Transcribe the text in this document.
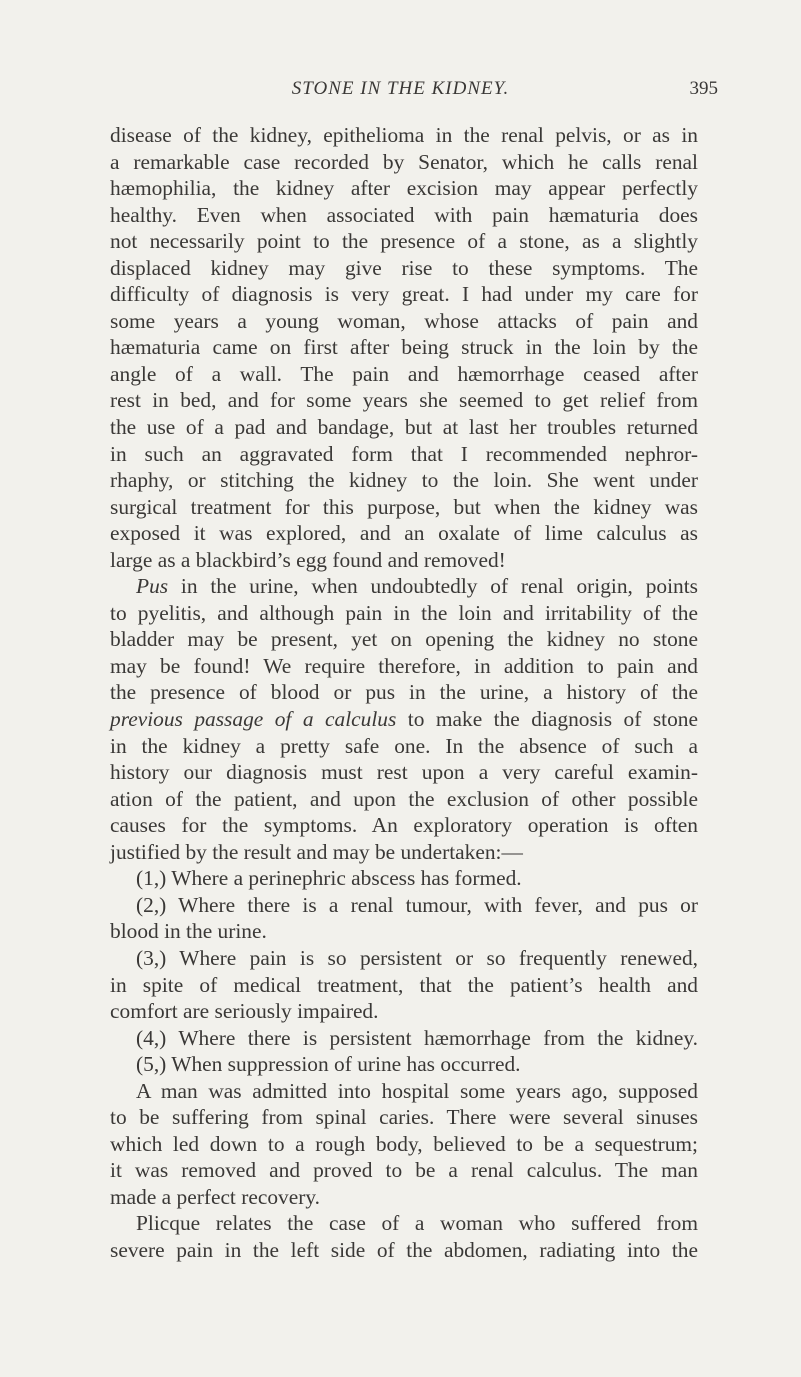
STONE IN THE KIDNEY.	395
disease of the kidney, epithelioma in the renal pelvis, or as in
a remarkable case recorded by Senator, which he calls renal
hæmophilia, the kidney after excision may appear perfectly
healthy. Even when associated with pain hæmaturia does
not necessarily point to the presence of a stone, as a slightly
displaced kidney may give rise to these symptoms. The
difficulty of diagnosis is very great. I had under my care for
some years a young woman, whose attacks of pain and
hæmaturia came on first after being struck in the loin by the
angle of a wall. The pain and hæmorrhage ceased after
rest in bed, and for some years she seemed to get relief from
the use of a pad and bandage, but at last her troubles returned
in such an aggravated form that I recommended nephror-
rhaphy, or stitching the kidney to the loin. She went under
surgical treatment for this purpose, but when the kidney was
exposed it was explored, and an oxalate of lime calculus as
large as a blackbird’s egg found and removed!
Pus in the urine, when undoubtedly of renal origin, points
to pyelitis, and although pain in the loin and irritability of the
bladder may be present, yet on opening the kidney no stone
may be found! We require therefore, in addition to pain and
the presence of blood or pus in the urine, a history of the
previous passage of a calculus to make the diagnosis of stone
in the kidney a pretty safe one. In the absence of such a
history our diagnosis must rest upon a very careful examin-
ation of the patient, and upon the exclusion of other possible
causes for the symptoms. An exploratory operation is often
justified by the result and may be undertaken:—
(1,) Where a perinephric abscess has formed.
(2,) Where there is a renal tumour, with fever, and pus or
blood in the urine.
(3,) Where pain is so persistent or so frequently renewed,
in spite of medical treatment, that the patient’s health and
comfort are seriously impaired.
(4,) Where there is persistent hæmorrhage from the kidney.
(5,) When suppression of urine has occurred.
A man was admitted into hospital some years ago, supposed
to be suffering from spinal caries. There were several sinuses
which led down to a rough body, believed to be a sequestrum;
it was removed and proved to be a renal calculus. The man
made a perfect recovery.
Plicque relates the case of a woman who suffered from
severe pain in the left side of the abdomen, radiating into the
